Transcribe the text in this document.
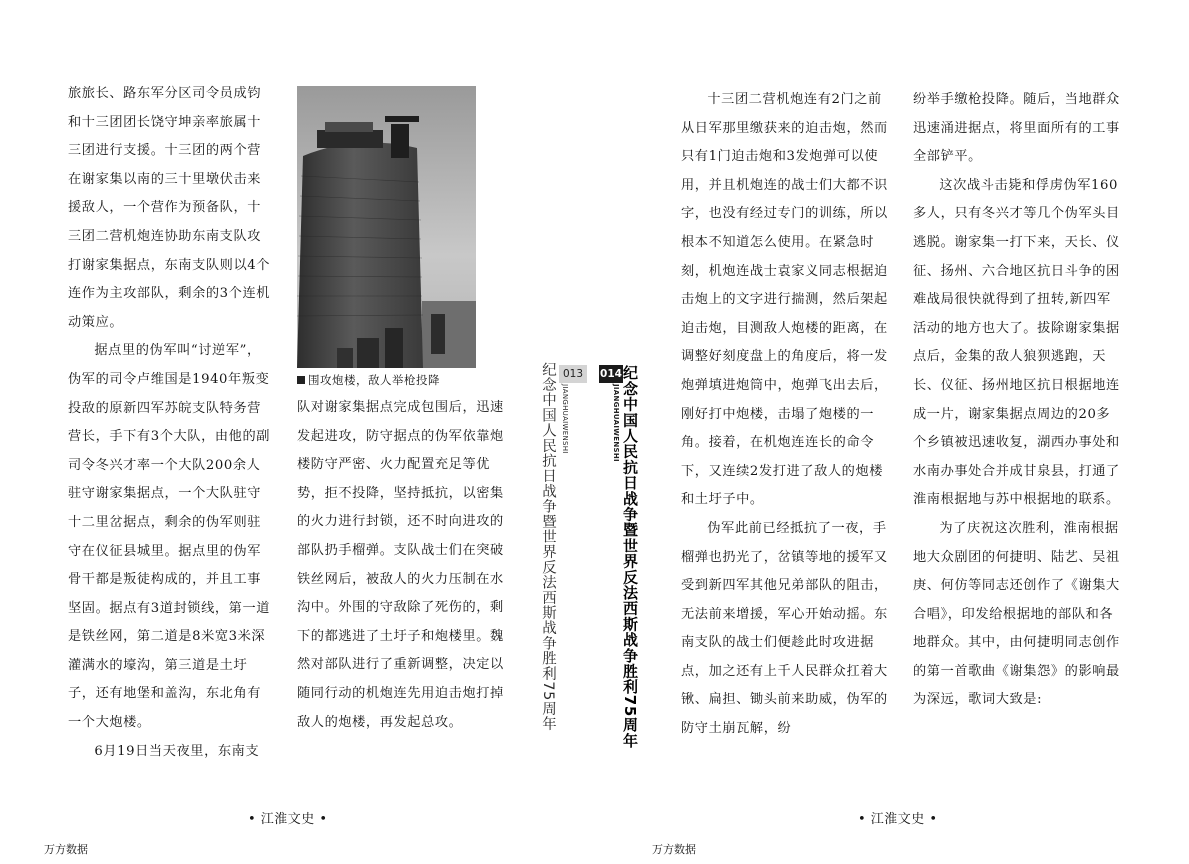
旅旅长、路东军分区司令员成钧和十三团团长饶守坤亲率旅属十三团进行支援。十三团的两个营在谢家集以南的三十里墩伏击来援敌人，一个营作为预备队，十三团二营机炮连协助东南支队攻打谢家集据点，东南支队则以4个连作为主攻部队，剩余的3个连机动策应。

据点里的伪军叫“讨逆军”，伪军的司令卢维国是1940年叛变投敌的原新四军苏皖支队特务营营长，手下有3个大队，由他的副司令冬兴才率一个大队200余人驻守谢家集据点，一个大队驻守十二里岔据点，剩余的伪军则驻守在仪征县城里。据点里的伪军骨干都是叛徒构成的，并且工事坚固。据点有3道封锁线，第一道是铁丝网，第二道是8米宽3米深灌满水的壕沟，第三道是土圩子，还有地堡和盖沟，东北角有一个大炮楼。

6月19日当天夜里，东南支

围攻炮楼，敌人举枪投降

队对谢家集据点完成包围后，迅速发起进攻，防守据点的伪军依靠炮楼防守严密、火力配置充足等优势，拒不投降，坚持抵抗，以密集的火力进行封锁，还不时向进攻的部队扔手榴弹。支队战士们在突破铁丝网后，被敌人的火力压制在水沟中。外围的守敌除了死伤的，剩下的都逃进了土圩子和炮楼里。魏然对部队进行了重新调整，决定以随同行动的机炮连先用迫击炮打掉敌人的炮楼，再发起总攻。	纪念中国人民抗日战争暨世界反法西斯战争胜利75周年 013
JIANGHUAIWENSHI
• 江淮文史 •
万方数据
014
JIANGHUAIWENSHI 纪念中国人民抗日战争暨世界反法西斯战争胜利75周年

十三团二营机炮连有2门之前从日军那里缴获来的迫击炮，然而只有1门迫击炮和3发炮弹可以使用，并且机炮连的战士们大都不识字，也没有经过专门的训练，所以根本不知道怎么使用。在紧急时刻，机炮连战士袁家义同志根据迫击炮上的文字进行揣测，然后架起迫击炮，目测敌人炮楼的距离，在调整好刻度盘上的角度后，将一发炮弹填进炮筒中，炮弹飞出去后，刚好打中炮楼，击塌了炮楼的一角。接着，在机炮连连长的命令下，又连续2发打进了敌人的炮楼和土圩子中。

伪军此前已经抵抗了一夜，手榴弹也扔光了，岔镇等地的援军又受到新四军其他兄弟部队的阻击，无法前来增援，军心开始动摇。东南支队的战士们便趁此时攻进据点，加之还有上千人民群众扛着大锹、扁担、锄头前来助威，伪军的防守土崩瓦解，纷

纷举手缴枪投降。随后，当地群众迅速涌进据点，将里面所有的工事全部铲平。

这次战斗击毙和俘虏伪军160多人，只有冬兴才等几个伪军头目逃脱。谢家集一打下来，天长、仪征、扬州、六合地区抗日斗争的困难战局很快就得到了扭转,新四军活动的地方也大了。拔除谢家集据点后，金集的敌人狼狈逃跑，天长、仪征、扬州地区抗日根据地连成一片，谢家集据点周边的20多个乡镇被迅速收复，湖西办事处和水南办事处合并成甘泉县，打通了淮南根据地与苏中根据地的联系。

为了庆祝这次胜利，淮南根据地大众剧团的何捷明、陆艺、吴祖庚、何仿等同志还创作了《谢集大合唱》，印发给根据地的部队和各地群众。其中，由何捷明同志创作的第一首歌曲《谢集怨》的影响最为深远，歌词大致是:

• 江淮文史 •
万方数据
